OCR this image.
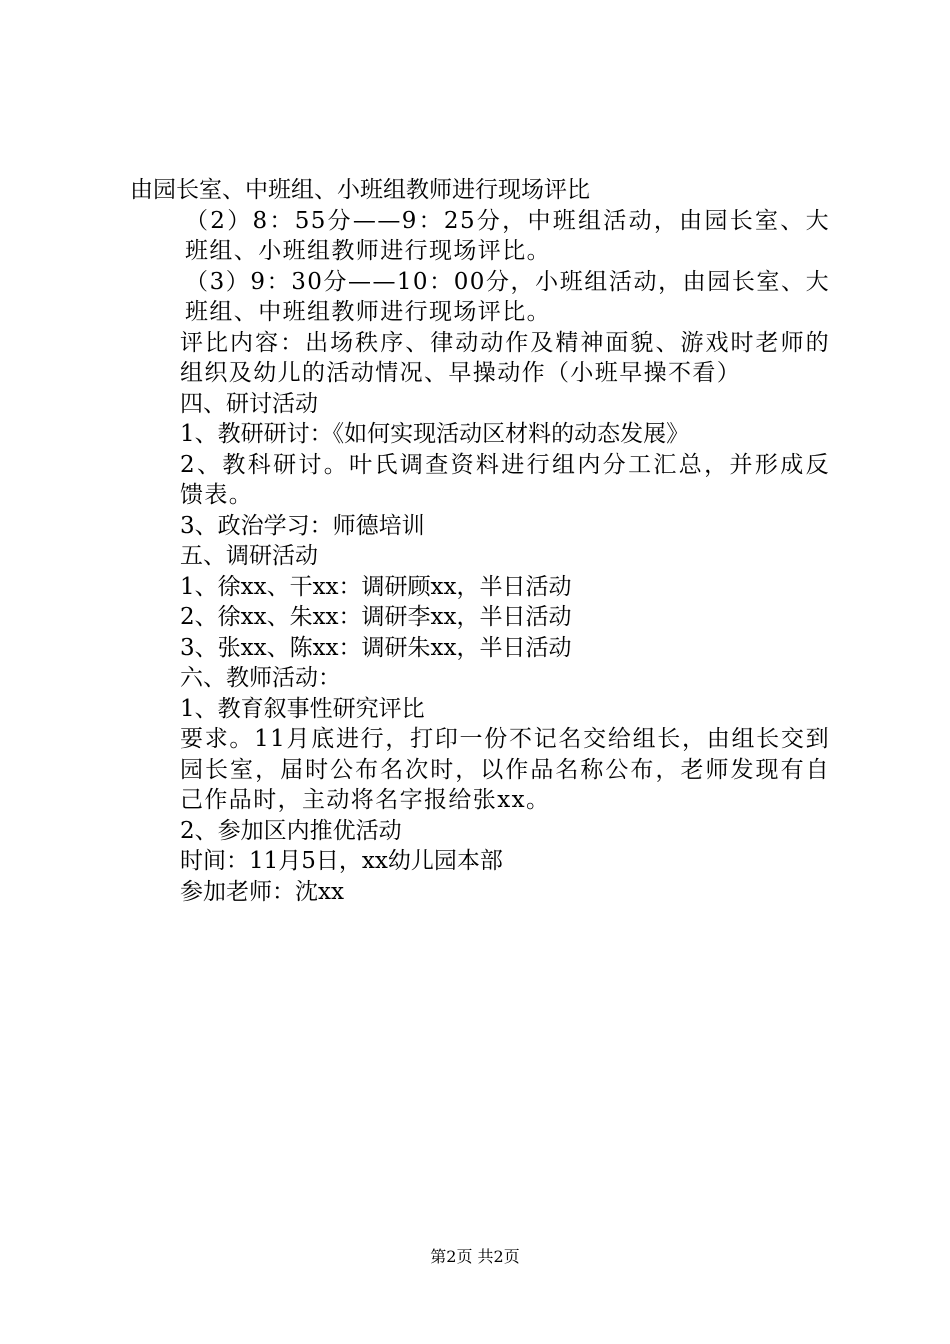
由园长室、中班组、小班组教师进行现场评比

（2）8：55分——9：25分，中班组活动，由园长室、大班组、小班组教师进行现场评比。

（3）9：30分——10：00分，小班组活动，由园长室、大班组、中班组教师进行现场评比。

评比内容：出场秩序、律动动作及精神面貌、游戏时老师的组织及幼儿的活动情况、早操动作（小班早操不看）

四、研讨活动

1、教研研讨：《如何实现活动区材料的动态发展》

2、教科研讨。叶氏调查资料进行组内分工汇总，并形成反馈表。

3、政治学习：师德培训

五、调研活动

1、徐xx、干xx：调研顾xx，半日活动

2、徐xx、朱xx：调研李xx，半日活动

3、张xx、陈xx：调研朱xx，半日活动

六、教师活动：

1、教育叙事性研究评比

要求。11月底进行，打印一份不记名交给组长，由组长交到园长室，届时公布名次时，以作品名称公布，老师发现有自己作品时，主动将名字报给张xx。

2、参加区内推优活动

时间：11月5日，xx幼儿园本部

参加老师：沈xx

第2页 共2页
